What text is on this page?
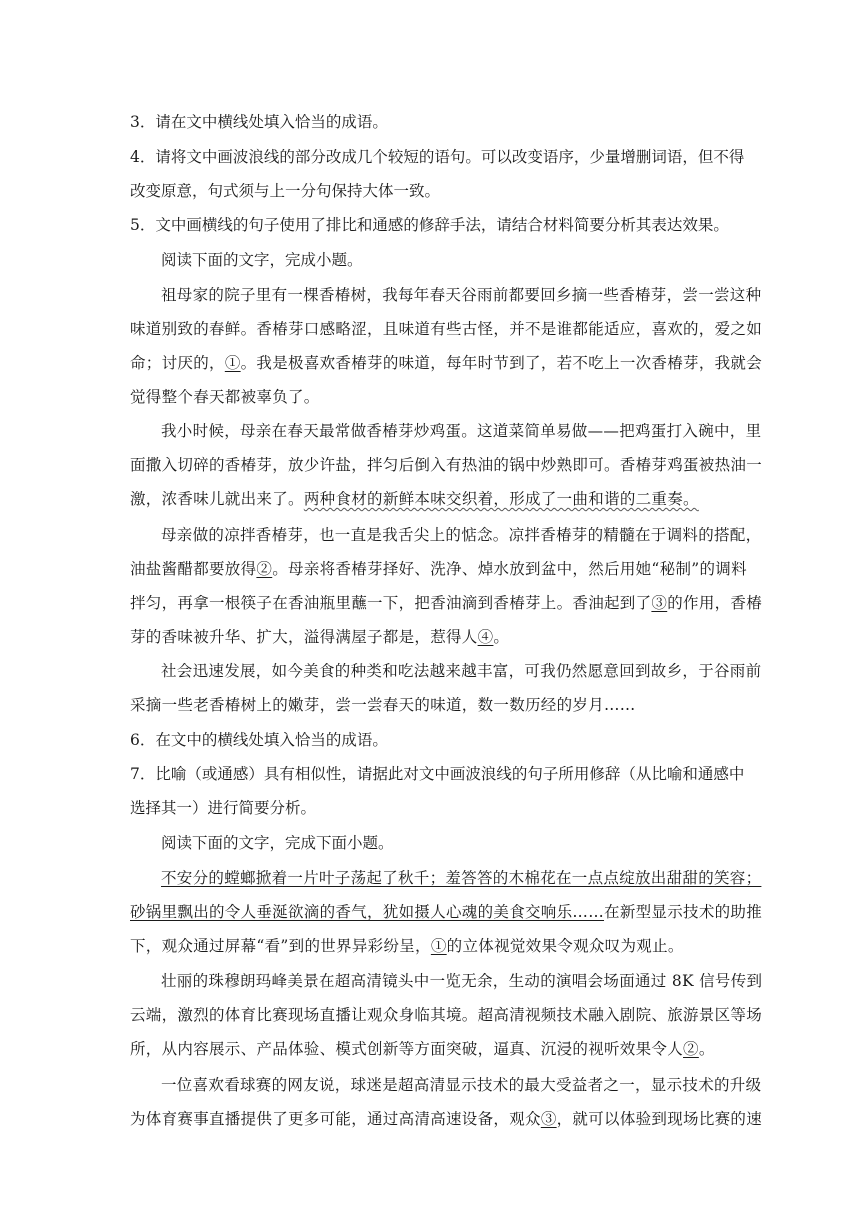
3．请在文中横线处填入恰当的成语。
4．请将文中画波浪线的部分改成几个较短的语句。可以改变语序，少量增删词语，但不得
改变原意，句式须与上一分句保持大体一致。
5．文中画横线的句子使用了排比和通感的修辞手法，请结合材料简要分析其表达效果。
阅读下面的文字，完成小题。
祖母家的院子里有一棵香椿树，我每年春天谷雨前都要回乡摘一些香椿芽，尝一尝这种
味道别致的春鲜。香椿芽口感略涩，且味道有些古怪，并不是谁都能适应，喜欢的，爱之如
命；讨厌的，①。我是极喜欢香椿芽的味道，每年时节到了，若不吃上一次香椿芽，我就会
觉得整个春天都被辜负了。
我小时候，母亲在春天最常做香椿芽炒鸡蛋。这道菜简单易做——把鸡蛋打入碗中，里
面撒入切碎的香椿芽，放少许盐，拌匀后倒入有热油的锅中炒熟即可。香椿芽鸡蛋被热油一
激，浓香味儿就出来了。两种食材的新鲜本味交织着，形成了一曲和谐的二重奏。
母亲做的凉拌香椿芽，也一直是我舌尖上的惦念。凉拌香椿芽的精髓在于调料的搭配，
油盐酱醋都要放得②。母亲将香椿芽择好、洗净、焯水放到盆中，然后用她“秘制”的调料
拌匀，再拿一根筷子在香油瓶里蘸一下，把香油滴到香椿芽上。香油起到了③的作用，香椿
芽的香味被升华、扩大，溢得满屋子都是，惹得人④。
社会迅速发展，如今美食的种类和吃法越来越丰富，可我仍然愿意回到故乡，于谷雨前
采摘一些老香椿树上的嫩芽，尝一尝春天的味道，数一数历经的岁月……
6．在文中的横线处填入恰当的成语。
7．比喻（或通感）具有相似性，请据此对文中画波浪线的句子所用修辞（从比喻和通感中
选择其一）进行简要分析。
阅读下面的文字，完成下面小题。
不安分的螳螂掀着一片叶子荡起了秋千；羞答答的木棉花在一点点绽放出甜甜的笑容；
砂锅里飘出的令人垂涎欲滴的香气，犹如摄人心魂的美食交响乐……在新型显示技术的助推
下，观众通过屏幕“看”到的世界异彩纷呈，①的立体视觉效果令观众叹为观止。
壮丽的珠穆朗玛峰美景在超高清镜头中一览无余，生动的演唱会场面通过 8K 信号传到
云端，激烈的体育比赛现场直播让观众身临其境。超高清视频技术融入剧院、旅游景区等场
所，从内容展示、产品体验、模式创新等方面突破，逼真、沉浸的视听效果令人②。
一位喜欢看球赛的网友说，球迷是超高清显示技术的最大受益者之一，显示技术的升级
为体育赛事直播提供了更多可能，通过高清高速设备，观众③，就可以体验到现场比赛的速
